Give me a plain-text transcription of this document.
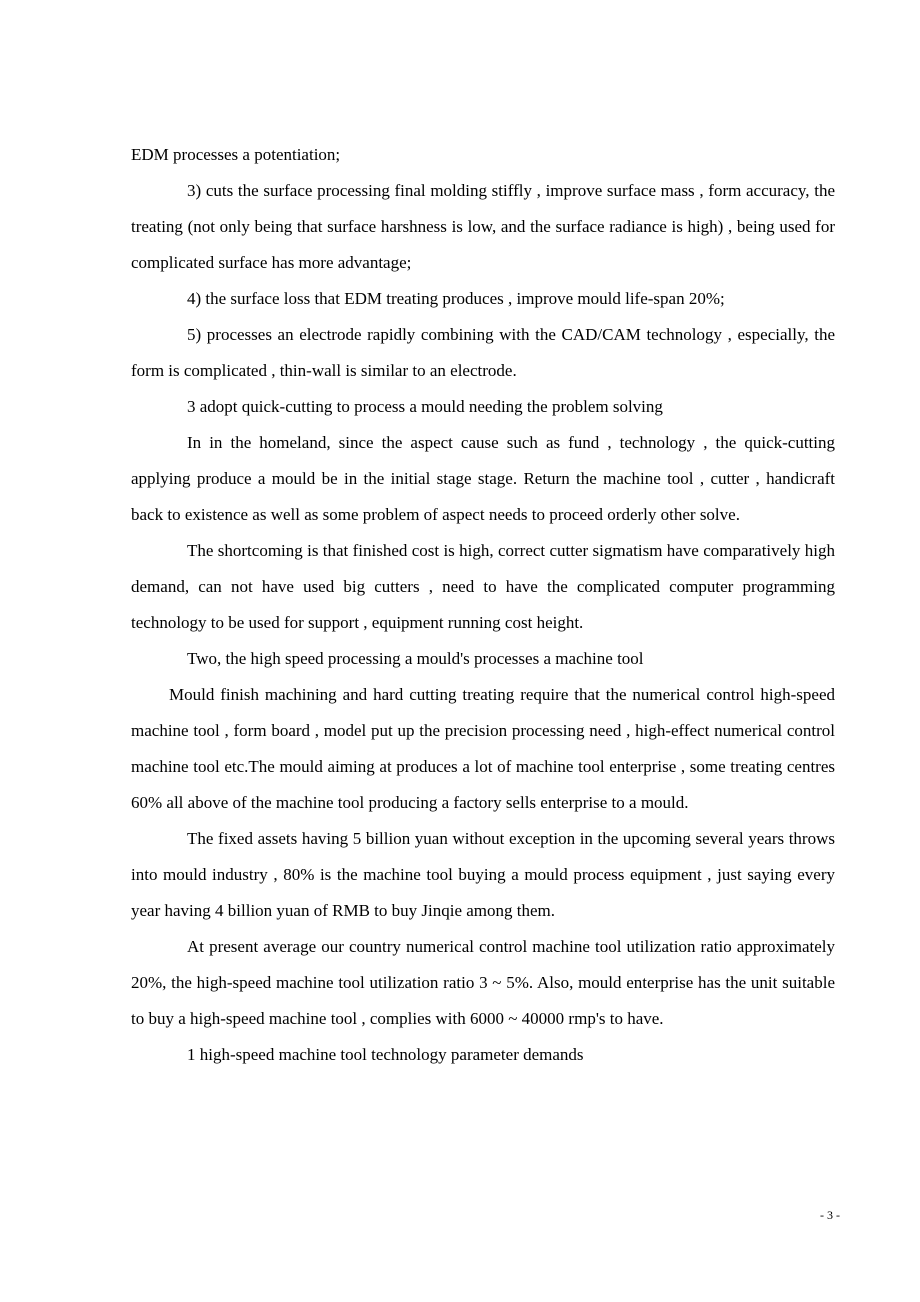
EDM processes a potentiation;

3) cuts the surface processing final molding stiffly , improve surface mass , form accuracy, the treating (not only being that surface harshness is low, and the surface radiance is high) , being used for complicated surface has more advantage;

4) the surface loss that EDM treating produces , improve mould life-span 20%;

5) processes an electrode rapidly combining with the CAD/CAM technology , especially, the form is complicated , thin-wall is similar to an electrode.

3 adopt quick-cutting to process a mould needing the problem solving

In in the homeland, since the aspect cause such as fund , technology , the quick-cutting applying produce a mould be in the initial stage stage. Return the machine tool , cutter , handicraft back to existence as well as some problem of aspect needs to proceed orderly other solve.

The shortcoming is that finished cost is high, correct cutter sigmatism have comparatively high demand, can not have used big cutters , need to have the complicated computer programming technology to be used for support , equipment running cost height.

Two, the high speed processing a mould's processes a machine tool

Mould finish machining and hard cutting treating require that the numerical control high-speed machine tool , form board , model put up the precision processing need , high-effect numerical control machine tool etc.The mould aiming at produces a lot of machine tool enterprise , some treating centres 60% all above of the machine tool producing a factory sells enterprise to a mould.

The fixed assets having 5 billion yuan without exception in the upcoming several years throws into mould industry , 80% is the machine tool buying a mould process equipment , just saying every year having 4 billion yuan of RMB to buy Jinqie among them.

At present average our country numerical control machine tool utilization ratio approximately 20%, the high-speed machine tool utilization ratio 3 ~ 5%. Also, mould enterprise has the unit suitable to buy a high-speed machine tool , complies with 6000 ~ 40000 rmp's to have.

1 high-speed machine tool technology parameter demands

- 3 -
